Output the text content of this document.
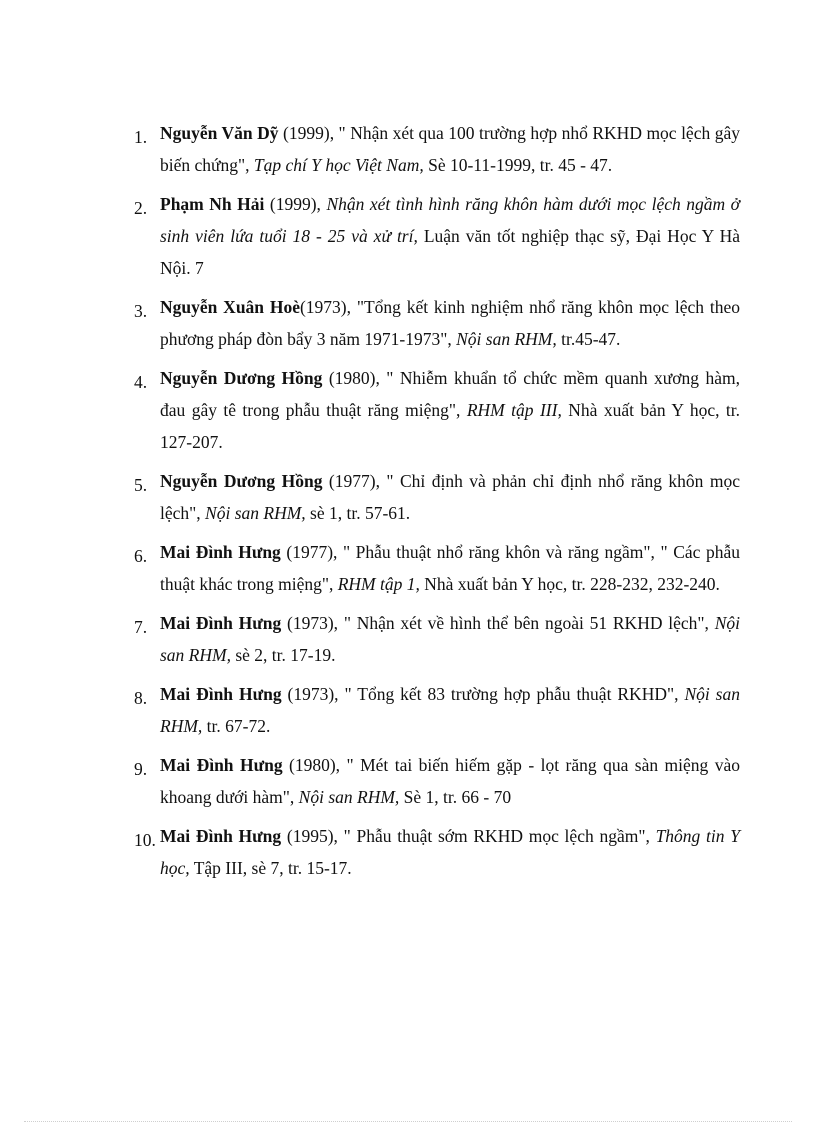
1. Nguyễn Văn Dỹ (1999), " Nhận xét qua 100 trường hợp nhổ RKHD mọc lệch gây biến chứng", Tạp chí Y học Việt Nam, Sè 10-11-1999, tr. 45 - 47.
2. Phạm Nh Hải (1999), Nhận xét tình hình răng khôn hàm dưới mọc lệch ngầm ở sinh viên lứa tuổi 18 - 25 và xử trí, Luận văn tốt nghiệp thạc sỹ, Đại Học Y Hà Nội. 7
3. Nguyễn Xuân Hoè(1973), "Tổng kết kinh nghiệm nhổ răng khôn mọc lệch theo phương pháp đòn bẩy 3 năm 1971-1973", Nội san RHM, tr.45-47.
4. Nguyễn Dương Hồng (1980), " Nhiễm khuẩn tổ chức mềm quanh xương hàm, đau gây tê trong phẫu thuật răng miệng", RHM tập III, Nhà xuất bản Y học, tr. 127-207.
5. Nguyễn Dương Hồng (1977), " Chỉ định và phản chỉ định nhổ răng khôn mọc lệch", Nội san RHM, sè 1, tr. 57-61.
6. Mai Đình Hưng (1977), " Phẫu thuật nhổ răng khôn và răng ngầm", " Các phẫu thuật khác trong miệng", RHM tập 1, Nhà xuất bản Y học, tr. 228-232, 232-240.
7. Mai Đình Hưng (1973), " Nhận xét về hình thể bên ngoài 51 RKHD lệch", Nội san RHM, sè 2, tr. 17-19.
8. Mai Đình Hưng (1973), " Tổng kết 83 trường hợp phẫu thuật RKHD", Nội san RHM, tr. 67-72.
9. Mai Đình Hưng (1980), " Mét tai biến hiếm gặp - lọt răng qua sàn miệng vào khoang dưới hàm", Nội san RHM, Sè 1, tr. 66 - 70
10. Mai Đình Hưng (1995), " Phẫu thuật sớm RKHD mọc lệch ngầm", Thông tin Y học, Tập III, sè 7, tr. 15-17.
